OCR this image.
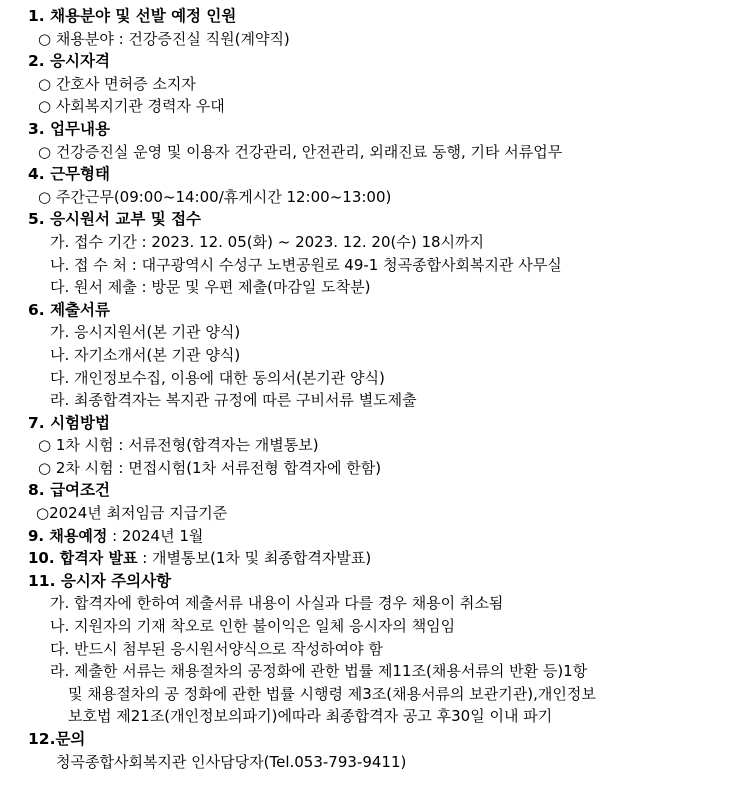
1. 채용분야 및 선발 예정 인원
○ 채용분야 : 건강증진실 직원(계약직)
2. 응시자격
○ 간호사 면허증 소지자
○ 사회복지기관 경력자 우대
3. 업무내용
○ 건강증진실 운영 및 이용자 건강관리, 안전관리, 외래진료 동행, 기타 서류업무
4. 근무형태
○ 주간근무(09:00~14:00/휴게시간 12:00~13:00)
5. 응시원서 교부 및 접수
가. 접수 기간 : 2023. 12. 05(화) ~ 2023. 12. 20(수) 18시까지
나. 접 수 처 : 대구광역시 수성구 노변공원로 49-1 청곡종합사회복지관 사무실
다. 원서 제출 : 방문 및 우편 제출(마감일 도착분)
6. 제출서류
가. 응시지원서(본 기관 양식)
나. 자기소개서(본 기관 양식)
다. 개인정보수집, 이용에 대한 동의서(본기관 양식)
라. 최종합격자는 복지관 규정에 따른 구비서류 별도제출
7. 시험방법
○ 1차 시험 : 서류전형(합격자는 개별통보)
○ 2차 시험 : 면접시험(1차 서류전형 합격자에 한함)
8. 급여조건
○2024년 최저임금 지급기준
9. 채용예정 : 2024년 1월
10. 합격자 발표 : 개별통보(1차 및 최종합격자발표)
11. 응시자 주의사항
가. 합격자에 한하여 제출서류 내용이 사실과 다를 경우 채용이 취소됨
나. 지원자의 기재 착오로 인한 불이익은 일체 응시자의 책임임
다. 반드시 첨부된 응시원서양식으로 작성하여야 함
라. 제출한 서류는 채용절차의 공정화에 관한 법률 제11조(채용서류의 반환 등)1항
및 채용절차의 공 정화에 관한 법률 시행령 제3조(채용서류의 보관기관),개인정보
보호법 제21조(개인정보의파기)에따라 최종합격자 공고 후30일 이내 파기
12.문의
청곡종합사회복지관 인사담당자(Tel.053-793-9411)
